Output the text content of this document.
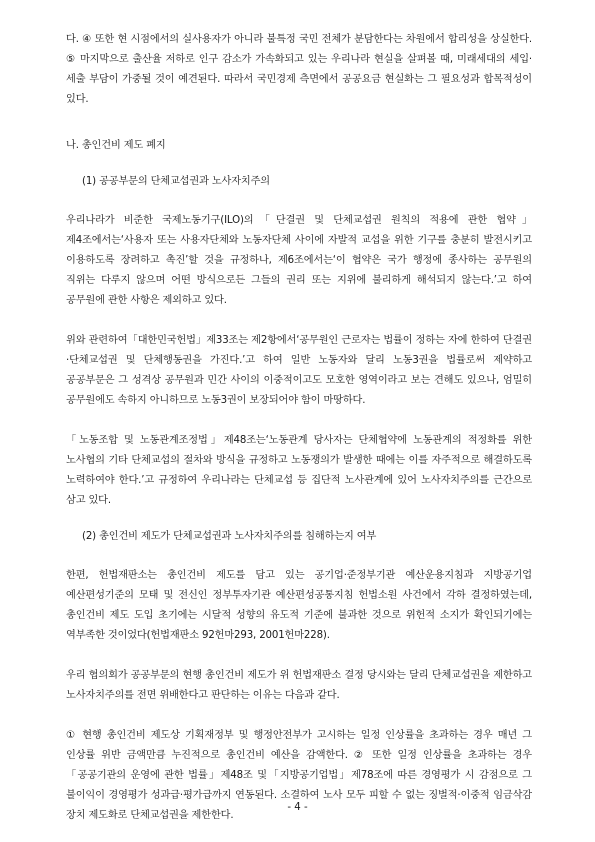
다. ④ 또한 현 시점에서의 실사용자가 아니라 불특정 국민 전체가 분담한다는 차원에서 합리성을 상실한다. ⑤ 마지막으로 출산율 저하로 인구 감소가 가속화되고 있는 우리나라 현실을 살펴볼 때, 미래세대의 세입·세출 부담이 가중될 것이 예견된다. 따라서 국민경제 측면에서 공공요금 현실화는 그 필요성과 합목적성이 있다.

나. 총인건비 제도 폐지

(1) 공공부문의 단체교섭권과 노사자치주의

우리나라가 비준한 국제노동기구(ILO)의「단결권 및 단체교섭권 원칙의 적용에 관한 협약」제4조에서는‘사용자 또는 사용자단체와 노동자단체 사이에 자발적 교섭을 위한 기구를 충분히 발전시키고 이용하도록 장려하고 촉진’할 것을 규정하나, 제6조에서는‘이 협약은 국가 행정에 종사하는 공무원의 직위는 다루지 않으며 어떤 방식으로든 그들의 권리 또는 지위에 불리하게 해석되지 않는다.’고 하여 공무원에 관한 사항은 제외하고 있다.

위와 관련하여「대한민국헌법」제33조는 제2항에서‘공무원인 근로자는 법률이 정하는 자에 한하여 단결권·단체교섭권 및 단체행동권을 가진다.’고 하여 일반 노동자와 달리 노동3권을 법률로써 제약하고 공공부문은 그 성격상 공무원과 민간 사이의 이중적이고도 모호한 영역이라고 보는 견해도 있으나, 엄밀히 공무원에도 속하지 아니하므로 노동3권이 보장되어야 함이 마땅하다.

「노동조합 및 노동관계조정법」제48조는‘노동관계 당사자는 단체협약에 노동관계의 적정화를 위한 노사협의 기타 단체교섭의 절차와 방식을 규정하고 노동쟁의가 발생한 때에는 이를 자주적으로 해결하도록 노력하여야 한다.’고 규정하여 우리나라는 단체교섭 등 집단적 노사관계에 있어 노사자치주의를 근간으로 삼고 있다.

(2) 총인건비 제도가 단체교섭권과 노사자치주의를 침해하는지 여부

한편, 헌법재판소는 총인건비 제도를 담고 있는 공기업·준정부기관 예산운용지침과 지방공기업 예산편성기준의 모태 및 전신인 정부투자기관 예산편성공통지침 헌법소원 사건에서 각하 결정하였는데, 총인건비 제도 도입 초기에는 시달적 성향의 유도적 기준에 불과한 것으로 위헌적 소지가 확인되기에는 역부족한 것이었다(헌법재판소 92헌마293, 2001헌마228).

우리 협의회가 공공부문의 현행 총인건비 제도가 위 헌법재판소 결정 당시와는 달리 단체교섭권을 제한하고 노사자치주의를 전면 위배한다고 판단하는 이유는 다음과 같다.

① 현행 총인건비 제도상 기획재정부 및 행정안전부가 고시하는 일정 인상률을 초과하는 경우 매년 그 인상률 위반 금액만큼 누진적으로 총인건비 예산을 감액한다. ② 또한 일정 인상률을 초과하는 경우「공공기관의 운영에 관한 법률」제48조 및「지방공기업법」제78조에 따른 경영평가 시 감점으로 그 불이익이 경영평가 성과급·평가급까지 연동된다. 소결하여 노사 모두 피할 수 없는 징벌적·이중적 임금삭감 장치 제도화로 단체교섭권을 제한한다.

- 4 -
